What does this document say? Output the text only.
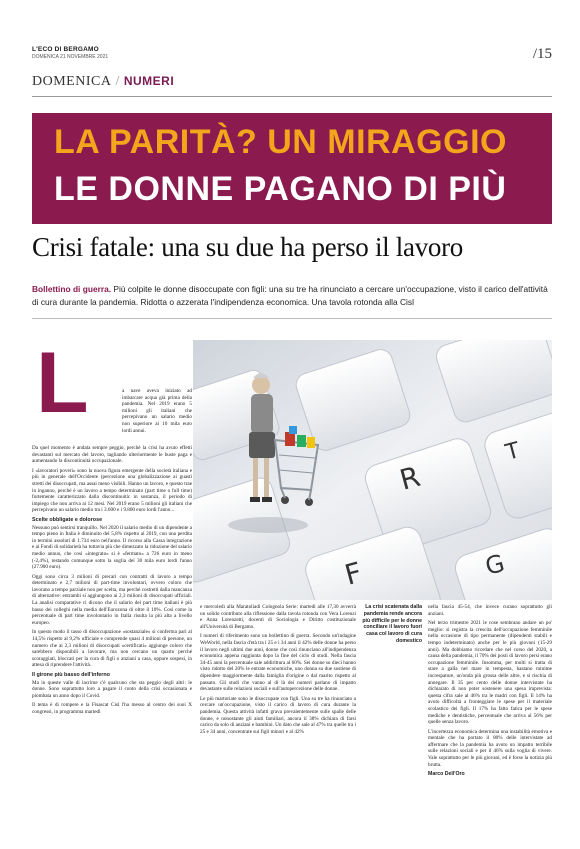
L'ECO DI BERGAMO
DOMENICA 21 NOVEMBRE 2021	/15
DOMENICA / NUMERI
LA PARITÀ? UN MIRAGGIO
LE DONNE PAGANO DI PIÙ
Crisi fatale: una su due ha perso il lavoro
Bollettino di guerra. Più colpite le donne disoccupate con figli: una su tre ha rinunciato a cercare un'occupazione, visto il carico dell'attività di cura durante la pandemia. Ridotta o azzerata l'indipendenza economica. Una tavola rotonda alla Cisl
R
T
F	G
L	a nave aveva iniziato ad imbarcare acqua già prima della pandemia. Nel 2019 erano 5 milioni gli italiani che percepivano un salario medio non superiore ai 10 mila euro lordi annui.

Da quel momento è andata sempre peggio, perché la crisi ha avuto effetti devastanti sul mercato del lavoro, tagliando ulteriormente le buste paga e aumentando la discontinuità occupazionale.

I «lavoratori poveri» sono la nuova figura emergente della società italiana e più in generale dell'Occidente (percezione una globalizzazione ai guasti stretti dei disoccupati, ma assai meno visibili. Hanno un lavoro, e questo trae in inganno, perché è un lavoro a tempo determinato (part time o full time) fortemente caratterizzato dalla discontinuità: in sostanza, il periodo di impiego che non arriva ai 12 mesi. Nel 2019 erano 5 milioni gli italiani che percepivano un salario medio tra i 3.600 e i 9.800 euro lordi l'anno...

Scelte obbligate e dolorose

Nessuno può sentirsi tranquillo. Nel 2020 il salario medio di un dipendente a tempo pieno in Italia è diminuito del 5,8% rispetto al 2019, con una perdita in termini assoluti di 1.734 euro nell'anno. Il ricorso alla Cassa integrazione e ai Fondi di solidarietà ha tuttavia più che dimezzato la riduzione del salario medio annuo, che così «integrato» si è «fermato» a 726 euro in meno (-2,4%), restando comunque sotto la soglia dei 30 mila euro lordi l'anno (27.900 euro).

Oggi sono circa 3 milioni di precari con contratti di lavoro a tempo determinato e 2,7 milioni di part-time involontari, ovvero coloro che lavorano a tempo parziale non per scelta, ma perché costretti dalla mancanza di alternative: entrambi si aggiungono ai 2,3 milioni di disoccupati ufficiali. La analisi comparative ci dicono che il salario dei part time italiani è più basso dei colleghi nella media dell'Eurozona di oltre il 10%. Così come la percentuale di part time involontario in Italia risulta la più alta a livello europeo.

In questo modo il tasso di disoccupazione «sostanziale» si conferma pari al 14,5% rispetto al 9,2% ufficiale e comprende quasi 4 milioni di persone, un numero che ai 2,3 milioni di disoccupati «certificati» aggiunge coloro che sarebbero disponibili a lavorare, ma non cercano un quarto perché scoraggiati, bloccati per la cura di figli o anziani a casa, oppure sospesi, in attesa di riprendere l'attività.

Il girone più basso dell'inferno

Ma in queste valle di lacrime c'è qualcuno che sta peggio degli altri: le donne. Sono soprattutto loro a pagare il conto della crisi occasionata e piombata un anno dopo il Covid.

Il tema è di rompere e la Fisascat Cisl l'ha messo al centro dei suoi X congressi, in programma martedì

e mercoledì alla Maratoliadi Colognola Serie: martedì alle 17,30 avverrà un solido contributo alla riflessione dalla tavola rotonda con Vera Lorenzi e Anna Lorenzetti, docenti di Sociologia e Diritto costituzionale all'Università di Bergamo.

I numeri di riferimento sono un bollettino di guerra. Secondo un'indagine WeWorld, nella fascia d'età tra i 25 e i 34 anni il 42% delle donne ha perso il lavoro negli ultimi due anni, donne che così rinunciano all'indipendenza economica appena raggiunta dopo la fine del ciclo di studi. Nella fascia 34-45 anni la percentuale sale addirittura al 60%. Sei donne su dieci hanno visto ridotto del 20% le entrate economiche, uno donna su due sostiene di dipendere maggiormente dalla famiglia d'origine o dal marito rispetto al passato. Gli studi che vanno al di là dei numeri parlano di impatto devastante sulle relazioni sociali e sull'autopercezione delle donne.

Le più martoriate sono le disoccupate con figli. Una su tre ha rinunciato a cercare un'occupazione, visto il carico di lavoro di cura durante la pandemia. Questa attività infatti grava prevalentemente sulle spalle delle donne, e nonostante gli aiuti familiari, ancora il 38% dichiara di farsi carico da solo di anziani e bambini. Un dato che sale al 47% tra quelle tra i 25 e 34 anni, concentrate sui figli minori e al 42%

La crisi scatenata dalla pandemia rende ancora più difficile per le donne conciliare il lavoro fuori casa col lavoro di cura domestico

nella fascia 45-54, che invece curano soprattutto gli anziani.

Nel terzo trimestre 2021 le cose sembrano andare un po' meglio: si registra la crescita dell'occupazione femminile nella occasione di tipo permanente (dipendenti stabili e tempo indeterminato) anche per le più giovani (15-29 anni). Ma dobbiamo ricordare che nel corso del 2020, a causa della pandemia, il 70% dei posti di lavoro persi erano occupazione femminile. Insomma, per molti si tratta di stare a galla nel mare in tempesta, bastano minime increspature, un'onda più grossa delle altre, e si rischia di annegare. Il 35 per cento delle donne intervistate ha dichiarato di non poter sostenere una spesa imprevista: questa cifra sale al 46% tra le madri con figli. Il 14% ha avuto difficoltà a fronteggiare le spese per il materiale scolastico dei figli. Il 17% ha fatto fatica per le spese mediche e dentistiche, percentuale che arriva al 56% per quelle senza lavoro.

L'incertezza economica determina una instabilità emotiva e mentale che ha portato il 80% delle intervistate ad affermare che la pandemia ha avuto un impatto terribile sulle relazioni sociali e per il 46% sulla voglia di vivere. Vale soprattutto per le più giovani, ed è forse la notizia più brutta.

Marco Dell'Oro
